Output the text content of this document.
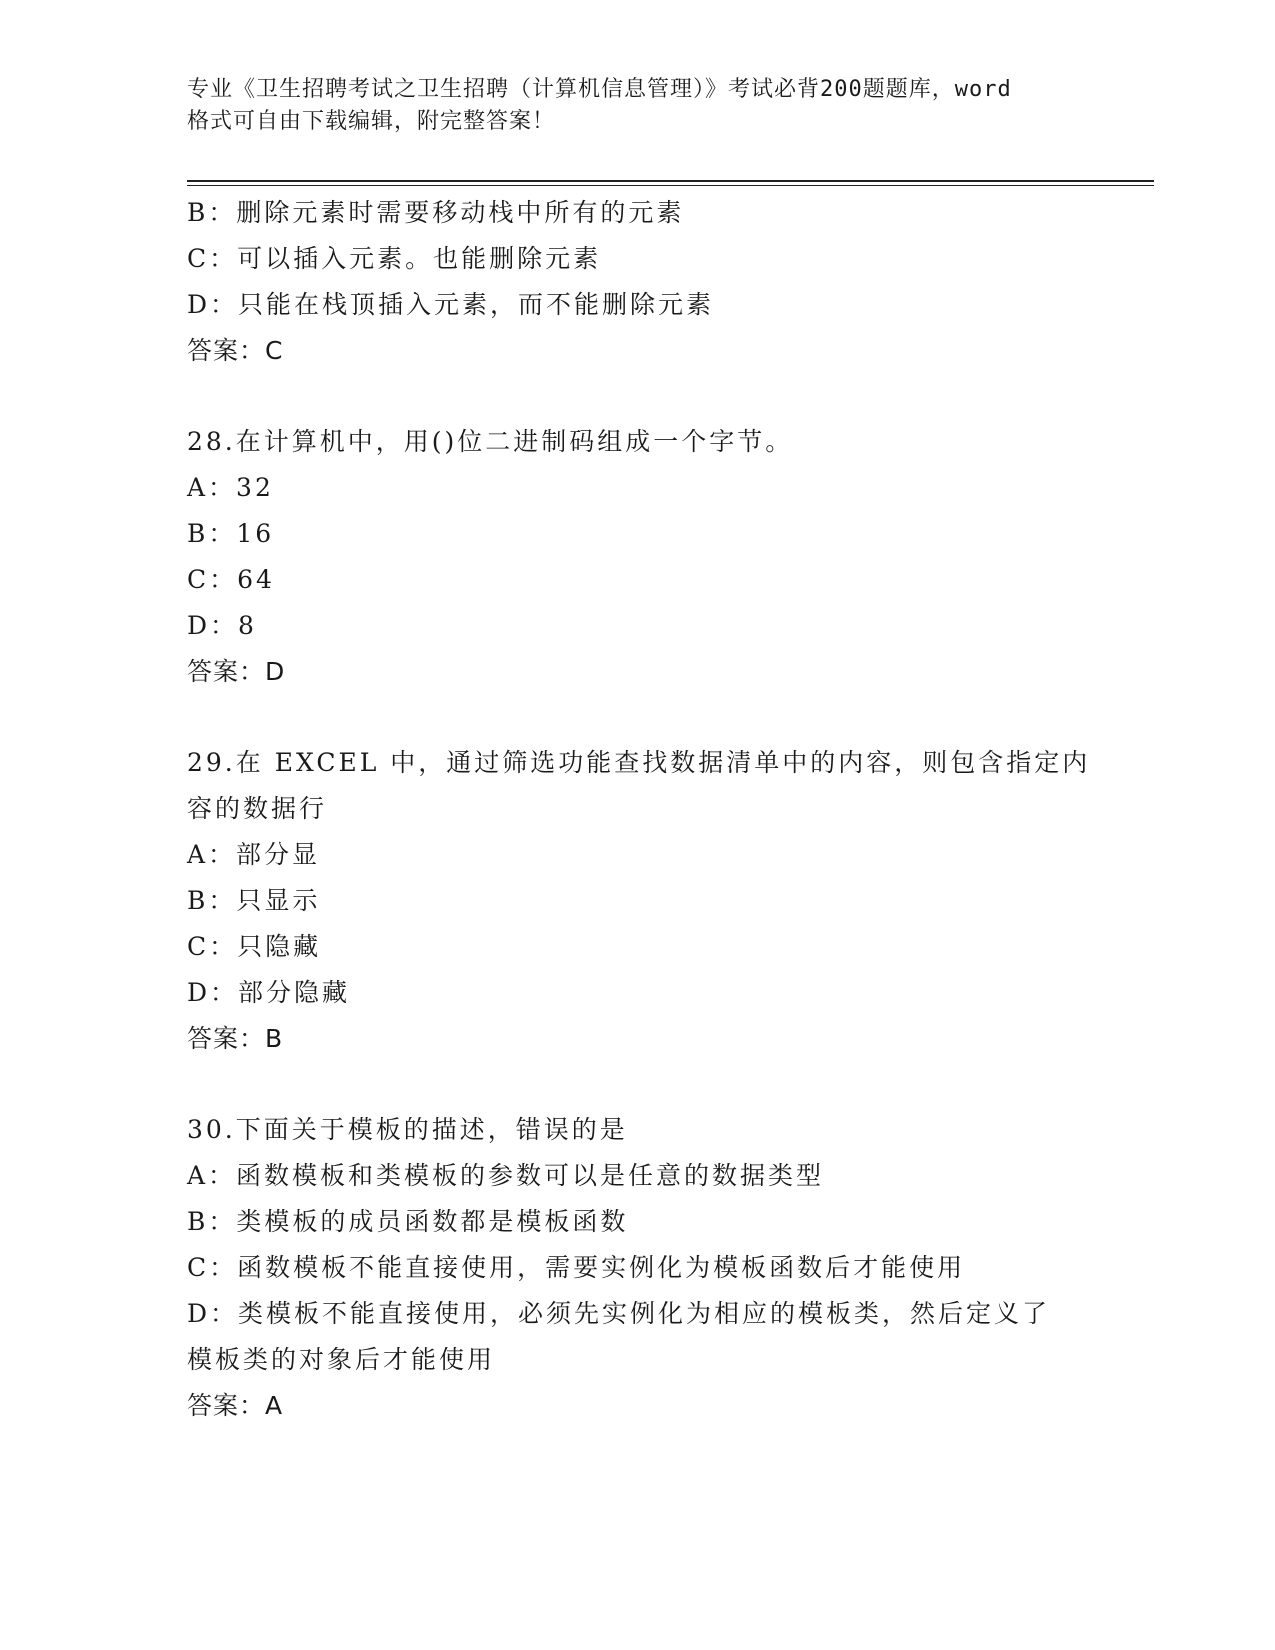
专业《卫生招聘考试之卫生招聘（计算机信息管理）》考试必背200题题库，word
格式可自由下载编辑，附完整答案！
B：删除元素时需要移动栈中所有的元素
C：可以插入元素。也能删除元素
D：只能在栈顶插入元素，而不能删除元素
答案：C
28.在计算机中，用()位二进制码组成一个字节。
A：32
B：16
C：64
D：8
答案：D
29.在 EXCEL 中，通过筛选功能查找数据清单中的内容，则包含指定内
容的数据行
A：部分显
B：只显示
C：只隐藏
D：部分隐藏
答案：B
30.下面关于模板的描述，错误的是
A：函数模板和类模板的参数可以是任意的数据类型
B：类模板的成员函数都是模板函数
C：函数模板不能直接使用，需要实例化为模板函数后才能使用
D：类模板不能直接使用，必须先实例化为相应的模板类，然后定义了
模板类的对象后才能使用
答案：A
